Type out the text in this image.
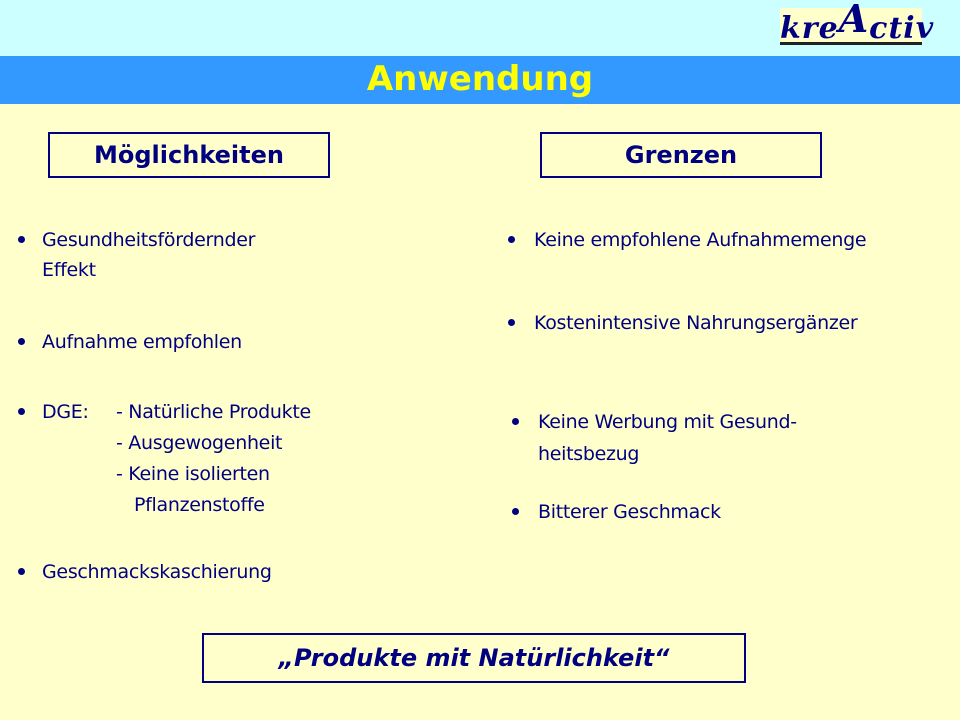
kreActiv
Anwendung
Möglichkeiten	Grenzen
Gesundheitsfördernder
Effekt
Aufnahme empfohlen
DGE: - Natürliche Produkte
- Ausgewogenheit
- Keine isolierten
Pflanzenstoffe
Geschmackskaschierung
Keine empfohlene Aufnahmemenge
Kostenintensive Nahrungsergänzer
Keine Werbung mit Gesund-
heitsbezug
Bitterer Geschmack
„Produkte mit Natürlichkeit“
